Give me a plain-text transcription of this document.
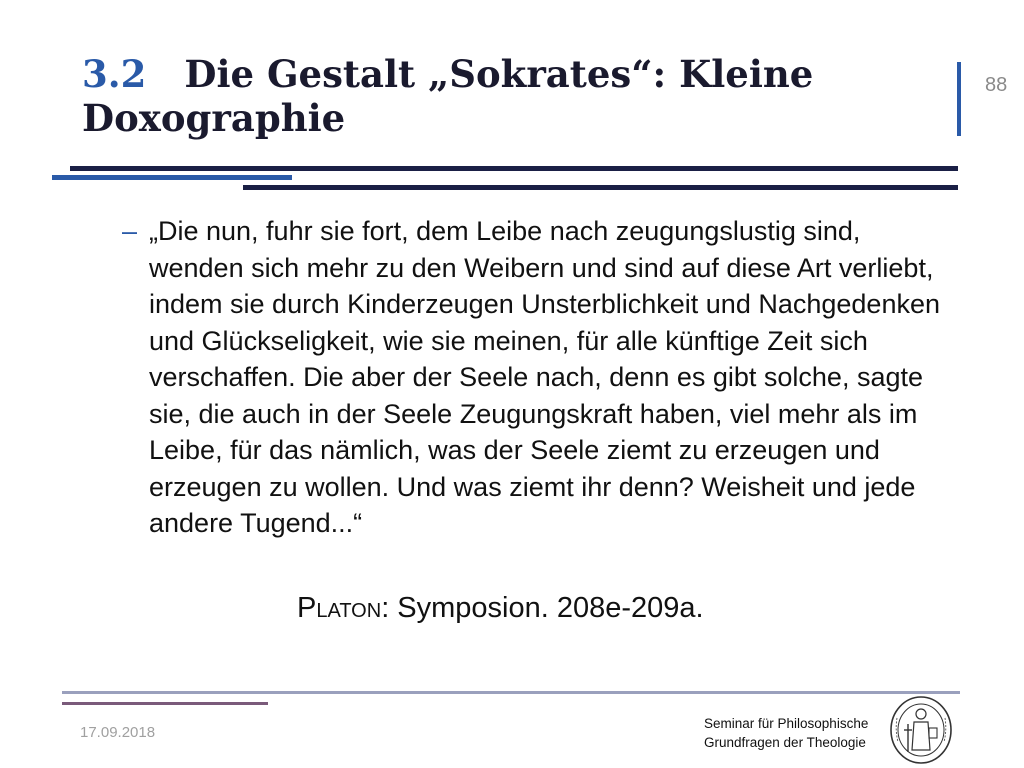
3.2 Die Gestalt „Sokrates“: Kleine Doxographie
88
– „Die nun, fuhr sie fort, dem Leibe nach zeugungslustig sind, wenden sich mehr zu den Weibern und sind auf diese Art verliebt, indem sie durch Kinderzeugen Unsterblichkeit und Nachgedenken und Glückseligkeit, wie sie meinen, für alle künftige Zeit sich verschaffen. Die aber der Seele nach, denn es gibt solche, sagte sie, die auch in der Seele Zeugungskraft haben, viel mehr als im Leibe, für das nämlich, was der Seele ziemt zu erzeugen und erzeugen zu wollen. Und was ziemt ihr denn? Weisheit und jede andere Tugend...“
Platon: Symposion. 208e-209a.
17.09.2018
Seminar für Philosophische
Grundfragen der Theologie
